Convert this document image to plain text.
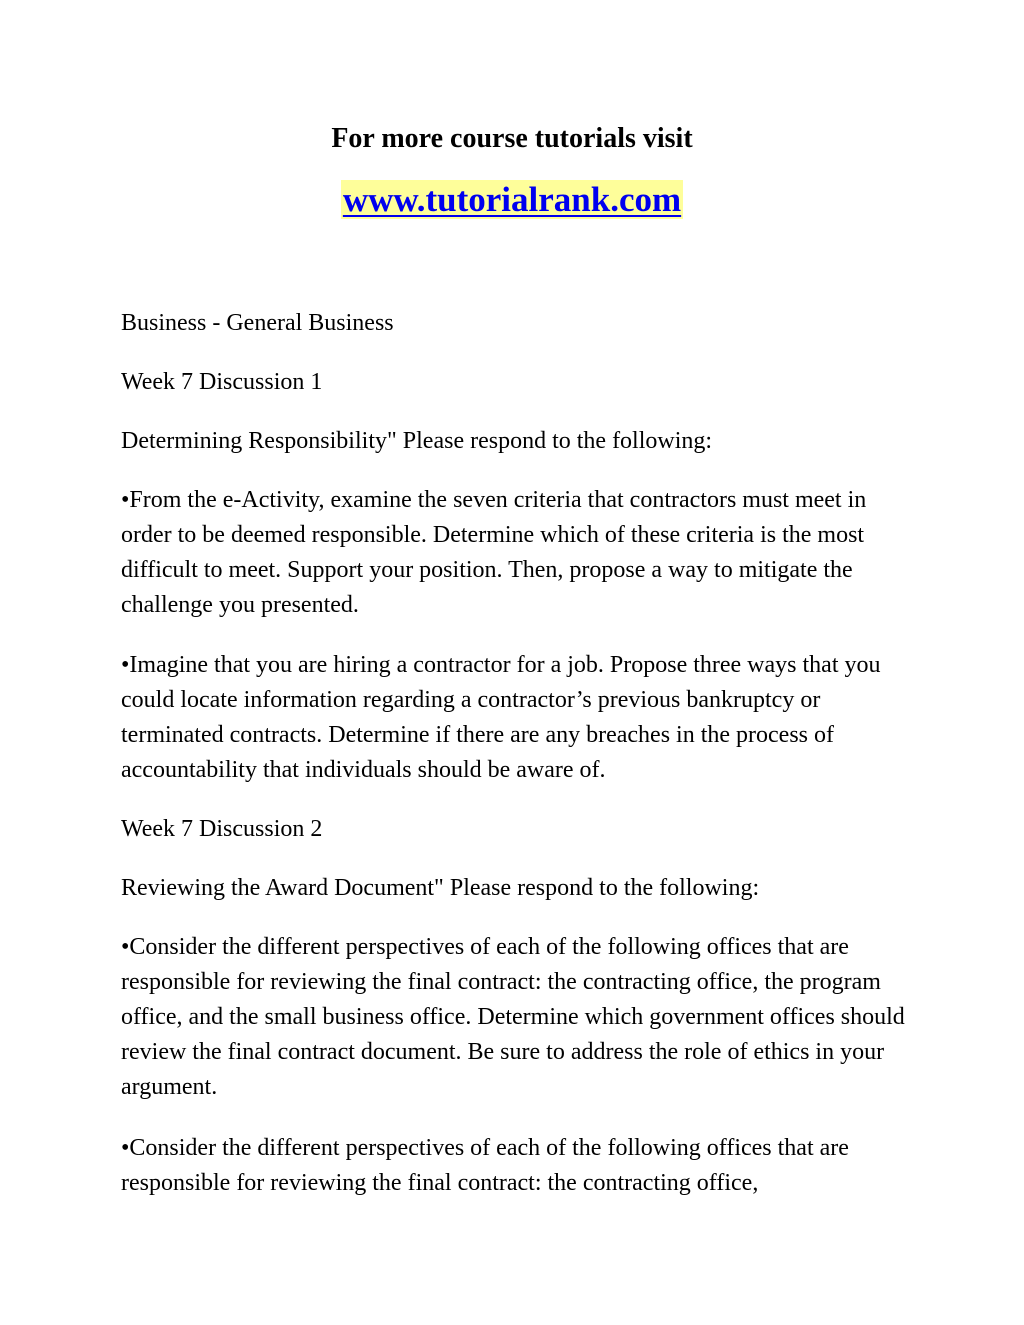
For more course tutorials visit
www.tutorialrank.com

Business - General Business

Week 7 Discussion 1

Determining Responsibility" Please respond to the following:

•From the e-Activity, examine the seven criteria that contractors must meet in order to be deemed responsible. Determine which of these criteria is the most difficult to meet. Support your position. Then, propose a way to mitigate the challenge you presented.

•Imagine that you are hiring a contractor for a job. Propose three ways that you could locate information regarding a contractor’s previous bankruptcy or terminated contracts. Determine if there are any breaches in the process of accountability that individuals should be aware of.

Week 7 Discussion 2

Reviewing the Award Document" Please respond to the following:

•Consider the different perspectives of each of the following offices that are responsible for reviewing the final contract: the contracting office, the program office, and the small business office. Determine which government offices should review the final contract document. Be sure to address the role of ethics in your argument.

•Consider the different perspectives of each of the following offices that are responsible for reviewing the final contract: the contracting office,
